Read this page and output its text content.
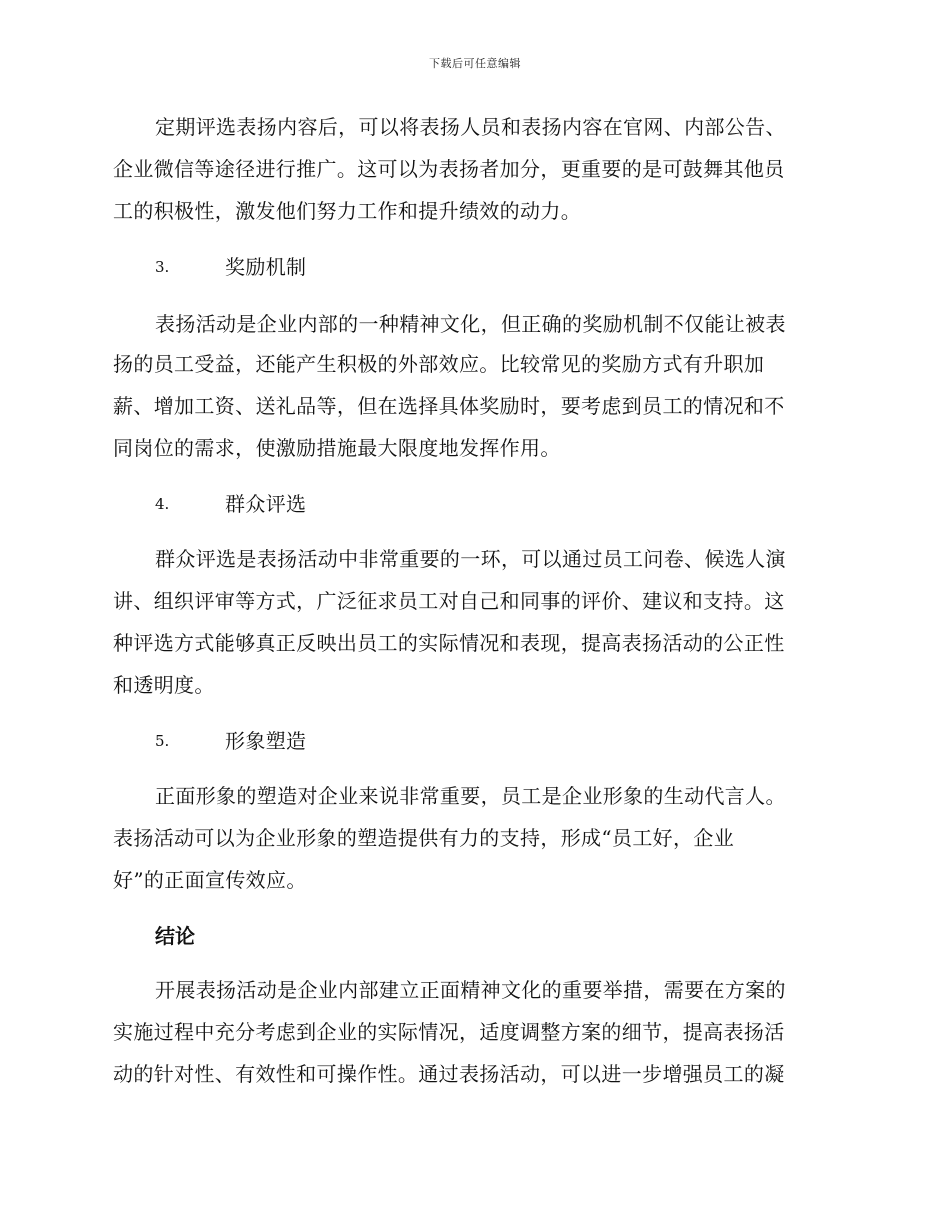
下载后可任意编辑
定期评选表扬内容后，可以将表扬人员和表扬内容在官网、内部公告、
企业微信等途径进行推广。这可以为表扬者加分，更重要的是可鼓舞其他员
工的积极性，激发他们努力工作和提升绩效的动力。
3.	奖励机制
表扬活动是企业内部的一种精神文化，但正确的奖励机制不仅能让被表
扬的员工受益，还能产生积极的外部效应。比较常见的奖励方式有升职加
薪、增加工资、送礼品等，但在选择具体奖励时，要考虑到员工的情况和不
同岗位的需求，使激励措施最大限度地发挥作用。
4.	群众评选
群众评选是表扬活动中非常重要的一环，可以通过员工问卷、候选人演
讲、组织评审等方式，广泛征求员工对自己和同事的评价、建议和支持。这
种评选方式能够真正反映出员工的实际情况和表现，提高表扬活动的公正性
和透明度。
5.	形象塑造
正面形象的塑造对企业来说非常重要，员工是企业形象的生动代言人。
表扬活动可以为企业形象的塑造提供有力的支持，形成“员工好，企业
好”的正面宣传效应。
结论
开展表扬活动是企业内部建立正面精神文化的重要举措，需要在方案的
实施过程中充分考虑到企业的实际情况，适度调整方案的细节，提高表扬活
动的针对性、有效性和可操作性。通过表扬活动，可以进一步增强员工的凝
